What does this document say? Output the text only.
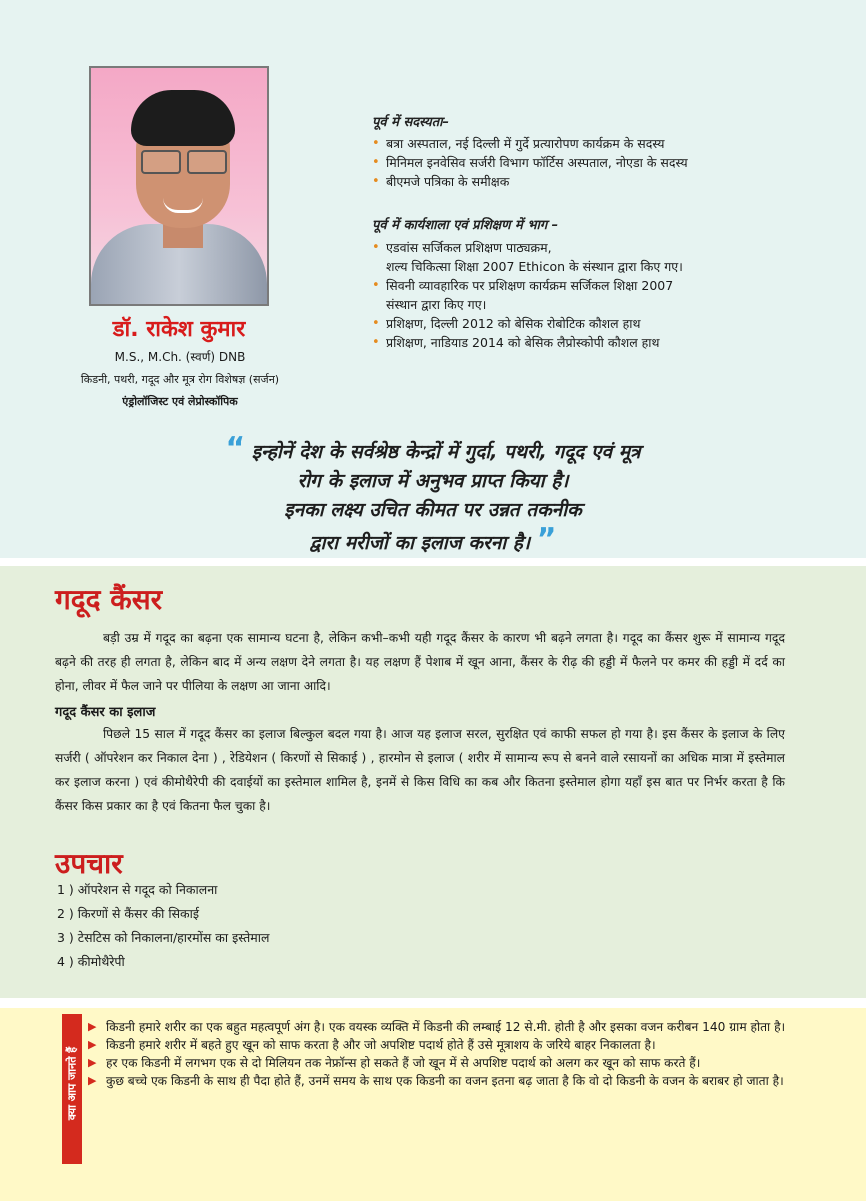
डॉ. राकेश कुमार
M.S., M.Ch. (स्वर्ण) DNB
किडनी, पथरी, गदूद और मूत्र रोग विशेषज्ञ (सर्जन)
एंड्रोलॉजिस्ट एवं लेप्रोस्कॉपिक
पूर्व में सदस्यता–
• बत्रा अस्पताल, नई दिल्ली में गुर्दे प्रत्यारोपण कार्यक्रम के सदस्य
• मिनिमल इनवेसिव सर्जरी विभाग फॉर्टिस अस्पताल, नोएडा के सदस्य
• बीएमजे पत्रिका के समीक्षक
पूर्व में कार्यशाला एवं प्रशिक्षण में भाग –
• एडवांस सर्जिकल प्रशिक्षण पाठ्यक्रम,
शल्य चिकित्सा शिक्षा 2007 Ethicon के संस्थान द्वारा किए गए।
• सिवनी व्यावहारिक पर प्रशिक्षण कार्यक्रम सर्जिकल शिक्षा 2007
संस्थान द्वारा किए गए।
• प्रशिक्षण, दिल्ली 2012 को बेसिक रोबोटिक कौशल हाथ
• प्रशिक्षण, नाडियाड 2014 को बेसिक लैप्रोस्कोपी कौशल हाथ
“ इन्होनें देश के सर्वश्रेष्ठ केन्द्रों में गुर्दा, पथरी, गदूद एवं मूत्र
रोग के इलाज में अनुभव प्राप्त किया है।
इनका लक्ष्य उचित कीमत पर उन्नत तकनीक
द्वारा मरीजों का इलाज करना है। ”
गदूद कैंसर
बड़ी उम्र में गदूद का बढ़ना एक सामान्य घटना है, लेकिन कभी–कभी यही गदूद कैंसर के कारण भी बढ़ने लगता है। गदूद का कैंसर शुरू में सामान्य गदूद बढ़ने की तरह ही लगता है, लेकिन बाद में अन्य लक्षण देने लगता है। यह लक्षण हैं पेशाब में खून आना, कैंसर के रीढ़ की हड्डी में फैलने पर कमर की हड्डी में दर्द का होना, लीवर में फैल जाने पर पीलिया के लक्षण आ जाना आदि।
गदूद कैंसर का इलाज
पिछले 15 साल में गदूद कैंसर का इलाज बिल्कुल बदल गया है। आज यह इलाज सरल, सुरक्षित एवं काफी सफल हो गया है। इस कैंसर के इलाज के लिए सर्जरी ( ऑपरेशन कर निकाल देना ) , रेडियेशन ( किरणों से सिकाई ) , हारमोन से इलाज ( शरीर में सामान्य रूप से बनने वाले रसायनों का अधिक मात्रा में इस्तेमाल कर इलाज करना ) एवं कीमोथैरेपी की दवाईयों का इस्तेमाल शामिल है, इनमें से किस विधि का कब और कितना इस्तेमाल होगा यहाँ इस बात पर निर्भर करता है कि कैंसर किस प्रकार का है एवं कितना फैल चुका है।
उपचार
1 ) ऑपरेशन से गदूद को निकालना
2 ) किरणों से कैंसर की सिकाई
3 ) टेसटिस को निकालना/हारमोंस का इस्तेमाल
4 ) कीमोथैरेपी
क्या आप जानते हैं
▶ किडनी हमारे शरीर का एक बहुत महत्वपूर्ण अंग है। एक वयस्क व्यक्ति में किडनी की लम्बाई 12 से.मी. होती है और इसका वजन करीबन 140 ग्राम होता है।
▶ किडनी हमारे शरीर में बहते हुए खून को साफ करता है और जो अपशिष्ट पदार्थ होते हैं उसे मूत्राशय के जरिये बाहर निकालता है।
▶ हर एक किडनी में लगभग एक से दो मिलियन तक नेफ्रॉन्स हो सकते हैं जो खून में से अपशिष्ट पदार्थ को अलग कर खून को साफ करते हैं।
▶ कुछ बच्चे एक किडनी के साथ ही पैदा होते हैं, उनमें समय के साथ एक किडनी का वजन इतना बढ़ जाता है कि वो दो किडनी के वजन के बराबर हो जाता है।
